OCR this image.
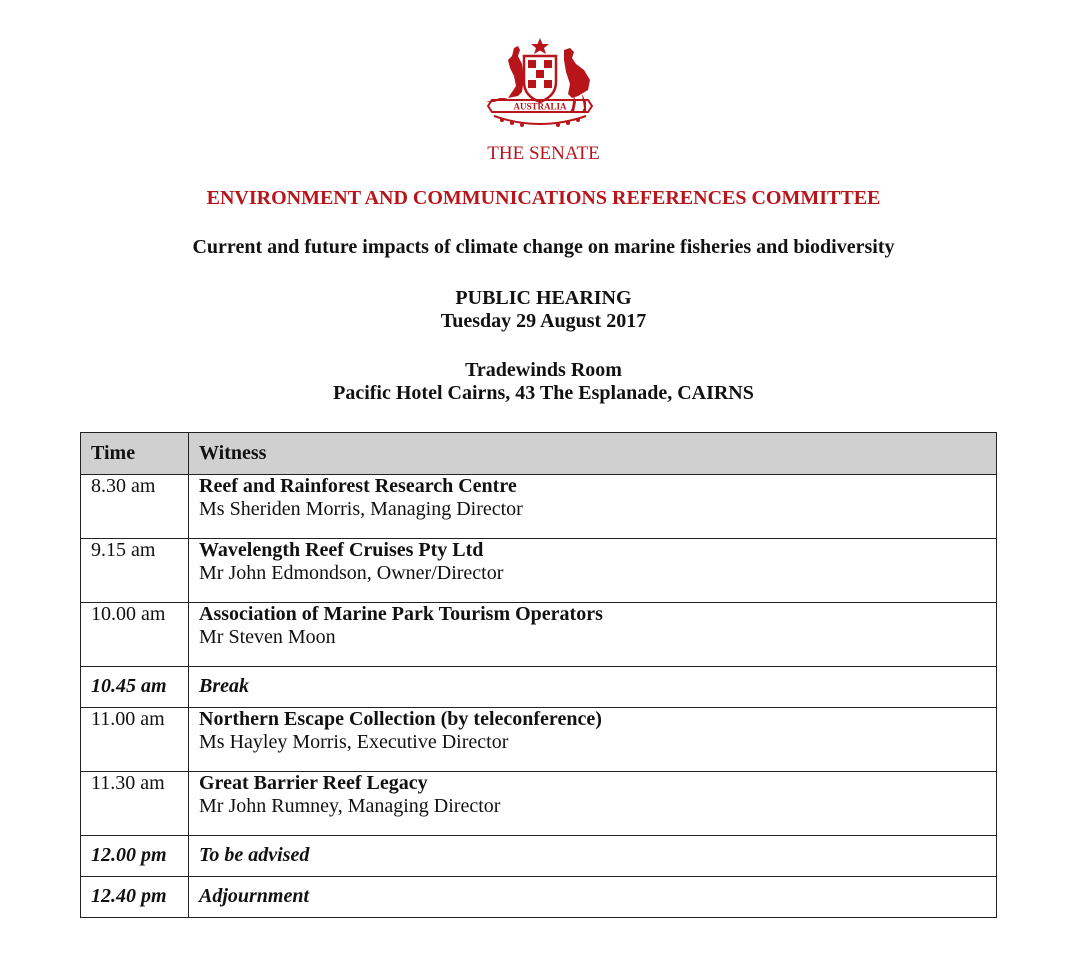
AUSTRALIA
THE SENATE
ENVIRONMENT AND COMMUNICATIONS REFERENCES COMMITTEE
Current and future impacts of climate change on marine fisheries and biodiversity
PUBLIC HEARING
Tuesday 29 August 2017
Tradewinds Room
Pacific Hotel Cairns, 43 The Esplanade, CAIRNS
Time	Witness
8.30 am	Reef and Rainforest Research Centre
Ms Sheriden Morris, Managing Director

9.15 am	Wavelength Reef Cruises Pty Ltd
Mr John Edmondson, Owner/Director

10.00 am	Association of Marine Park Tourism Operators
Mr Steven Moon

10.45 am	Break
11.00 am	Northern Escape Collection (by teleconference)
Ms Hayley Morris, Executive Director

11.30 am	Great Barrier Reef Legacy
Mr John Rumney, Managing Director

12.00 pm	To be advised
12.40 pm	Adjournment
